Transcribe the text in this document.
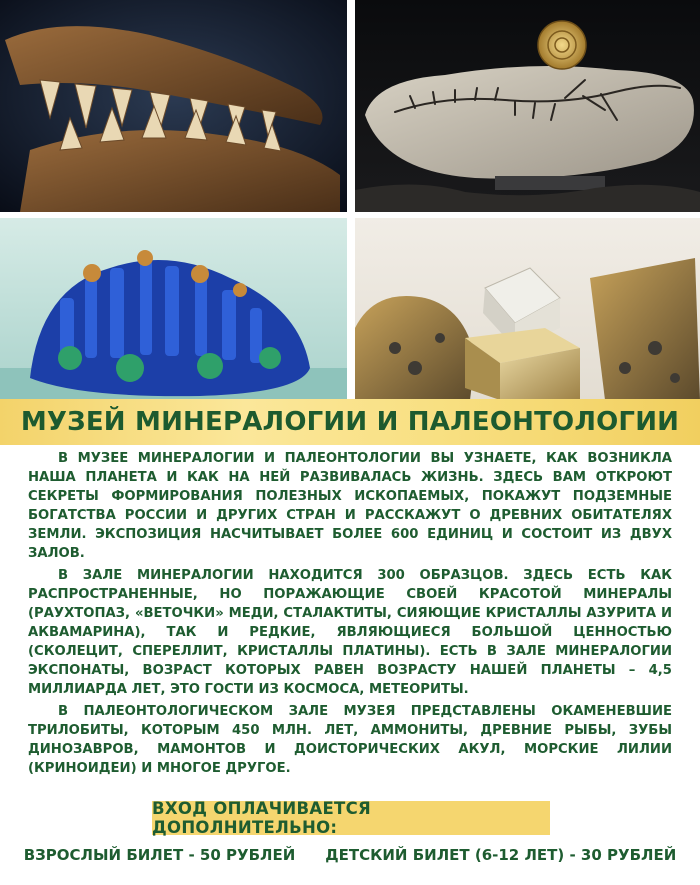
МУЗЕЙ МИНЕРАЛОГИИ И ПАЛЕОНТОЛОГИИ

В МУЗЕЕ МИНЕРАЛОГИИ И ПАЛЕОНТОЛОГИИ ВЫ УЗНАЕТЕ, КАК ВОЗНИКЛА НАША ПЛАНЕТА И КАК НА НЕЙ РАЗВИВАЛАСЬ ЖИЗНЬ. ЗДЕСЬ ВАМ ОТКРОЮТ СЕКРЕТЫ ФОРМИРОВАНИЯ ПОЛЕЗНЫХ ИСКОПАЕМЫХ, ПОКАЖУТ ПОДЗЕМНЫЕ БОГАТСТВА РОССИИ И ДРУГИХ СТРАН И РАССКАЖУТ О ДРЕВНИХ ОБИТАТЕЛЯХ ЗЕМЛИ. ЭКСПОЗИЦИЯ НАСЧИТЫВАЕТ БОЛЕЕ 600 ЕДИНИЦ И СОСТОИТ ИЗ ДВУХ ЗАЛОВ.

В ЗАЛЕ МИНЕРАЛОГИИ НАХОДИТСЯ 300 ОБРАЗЦОВ. ЗДЕСЬ ЕСТЬ КАК РАСПРОСТРАНЕННЫЕ, НО ПОРАЖАЮЩИЕ СВОЕЙ КРАСОТОЙ МИНЕРАЛЫ (РАУХТОПАЗ, «ВЕТОЧКИ» МЕДИ, СТАЛАКТИТЫ, СИЯЮЩИЕ КРИСТАЛЛЫ АЗУРИТА И АКВАМАРИНА), ТАК И РЕДКИЕ, ЯВЛЯЮЩИЕСЯ БОЛЬШОЙ ЦЕННОСТЬЮ (СКОЛЕЦИТ, СПЕРЕЛЛИТ, КРИСТАЛЛЫ ПЛАТИНЫ). ЕСТЬ В ЗАЛЕ МИНЕРАЛОГИИ ЭКСПОНАТЫ, ВОЗРАСТ КОТОРЫХ РАВЕН ВОЗРАСТУ НАШЕЙ ПЛАНЕТЫ – 4,5 МИЛЛИАРДА ЛЕТ, ЭТО ГОСТИ ИЗ КОСМОСА, МЕТЕОРИТЫ.

В ПАЛЕОНТОЛОГИЧЕСКОМ ЗАЛЕ МУЗЕЯ ПРЕДСТАВЛЕНЫ ОКАМЕНЕВШИЕ ТРИЛОБИТЫ, КОТОРЫМ 450 МЛН. ЛЕТ, АММОНИТЫ, ДРЕВНИЕ РЫБЫ, ЗУБЫ ДИНОЗАВРОВ, МАМОНТОВ И ДОИСТОРИЧЕСКИХ АКУЛ, МОРСКИЕ ЛИЛИИ (КРИНОИДЕИ) И МНОГОЕ ДРУГОЕ.

ВХОД ОПЛАЧИВАЕТСЯ ДОПОЛНИТЕЛЬНО:
ВЗРОСЛЫЙ БИЛЕТ - 50 РУБЛЕЙ ДЕТСКИЙ БИЛЕТ (6-12 ЛЕТ) - 30 РУБЛЕЙ
